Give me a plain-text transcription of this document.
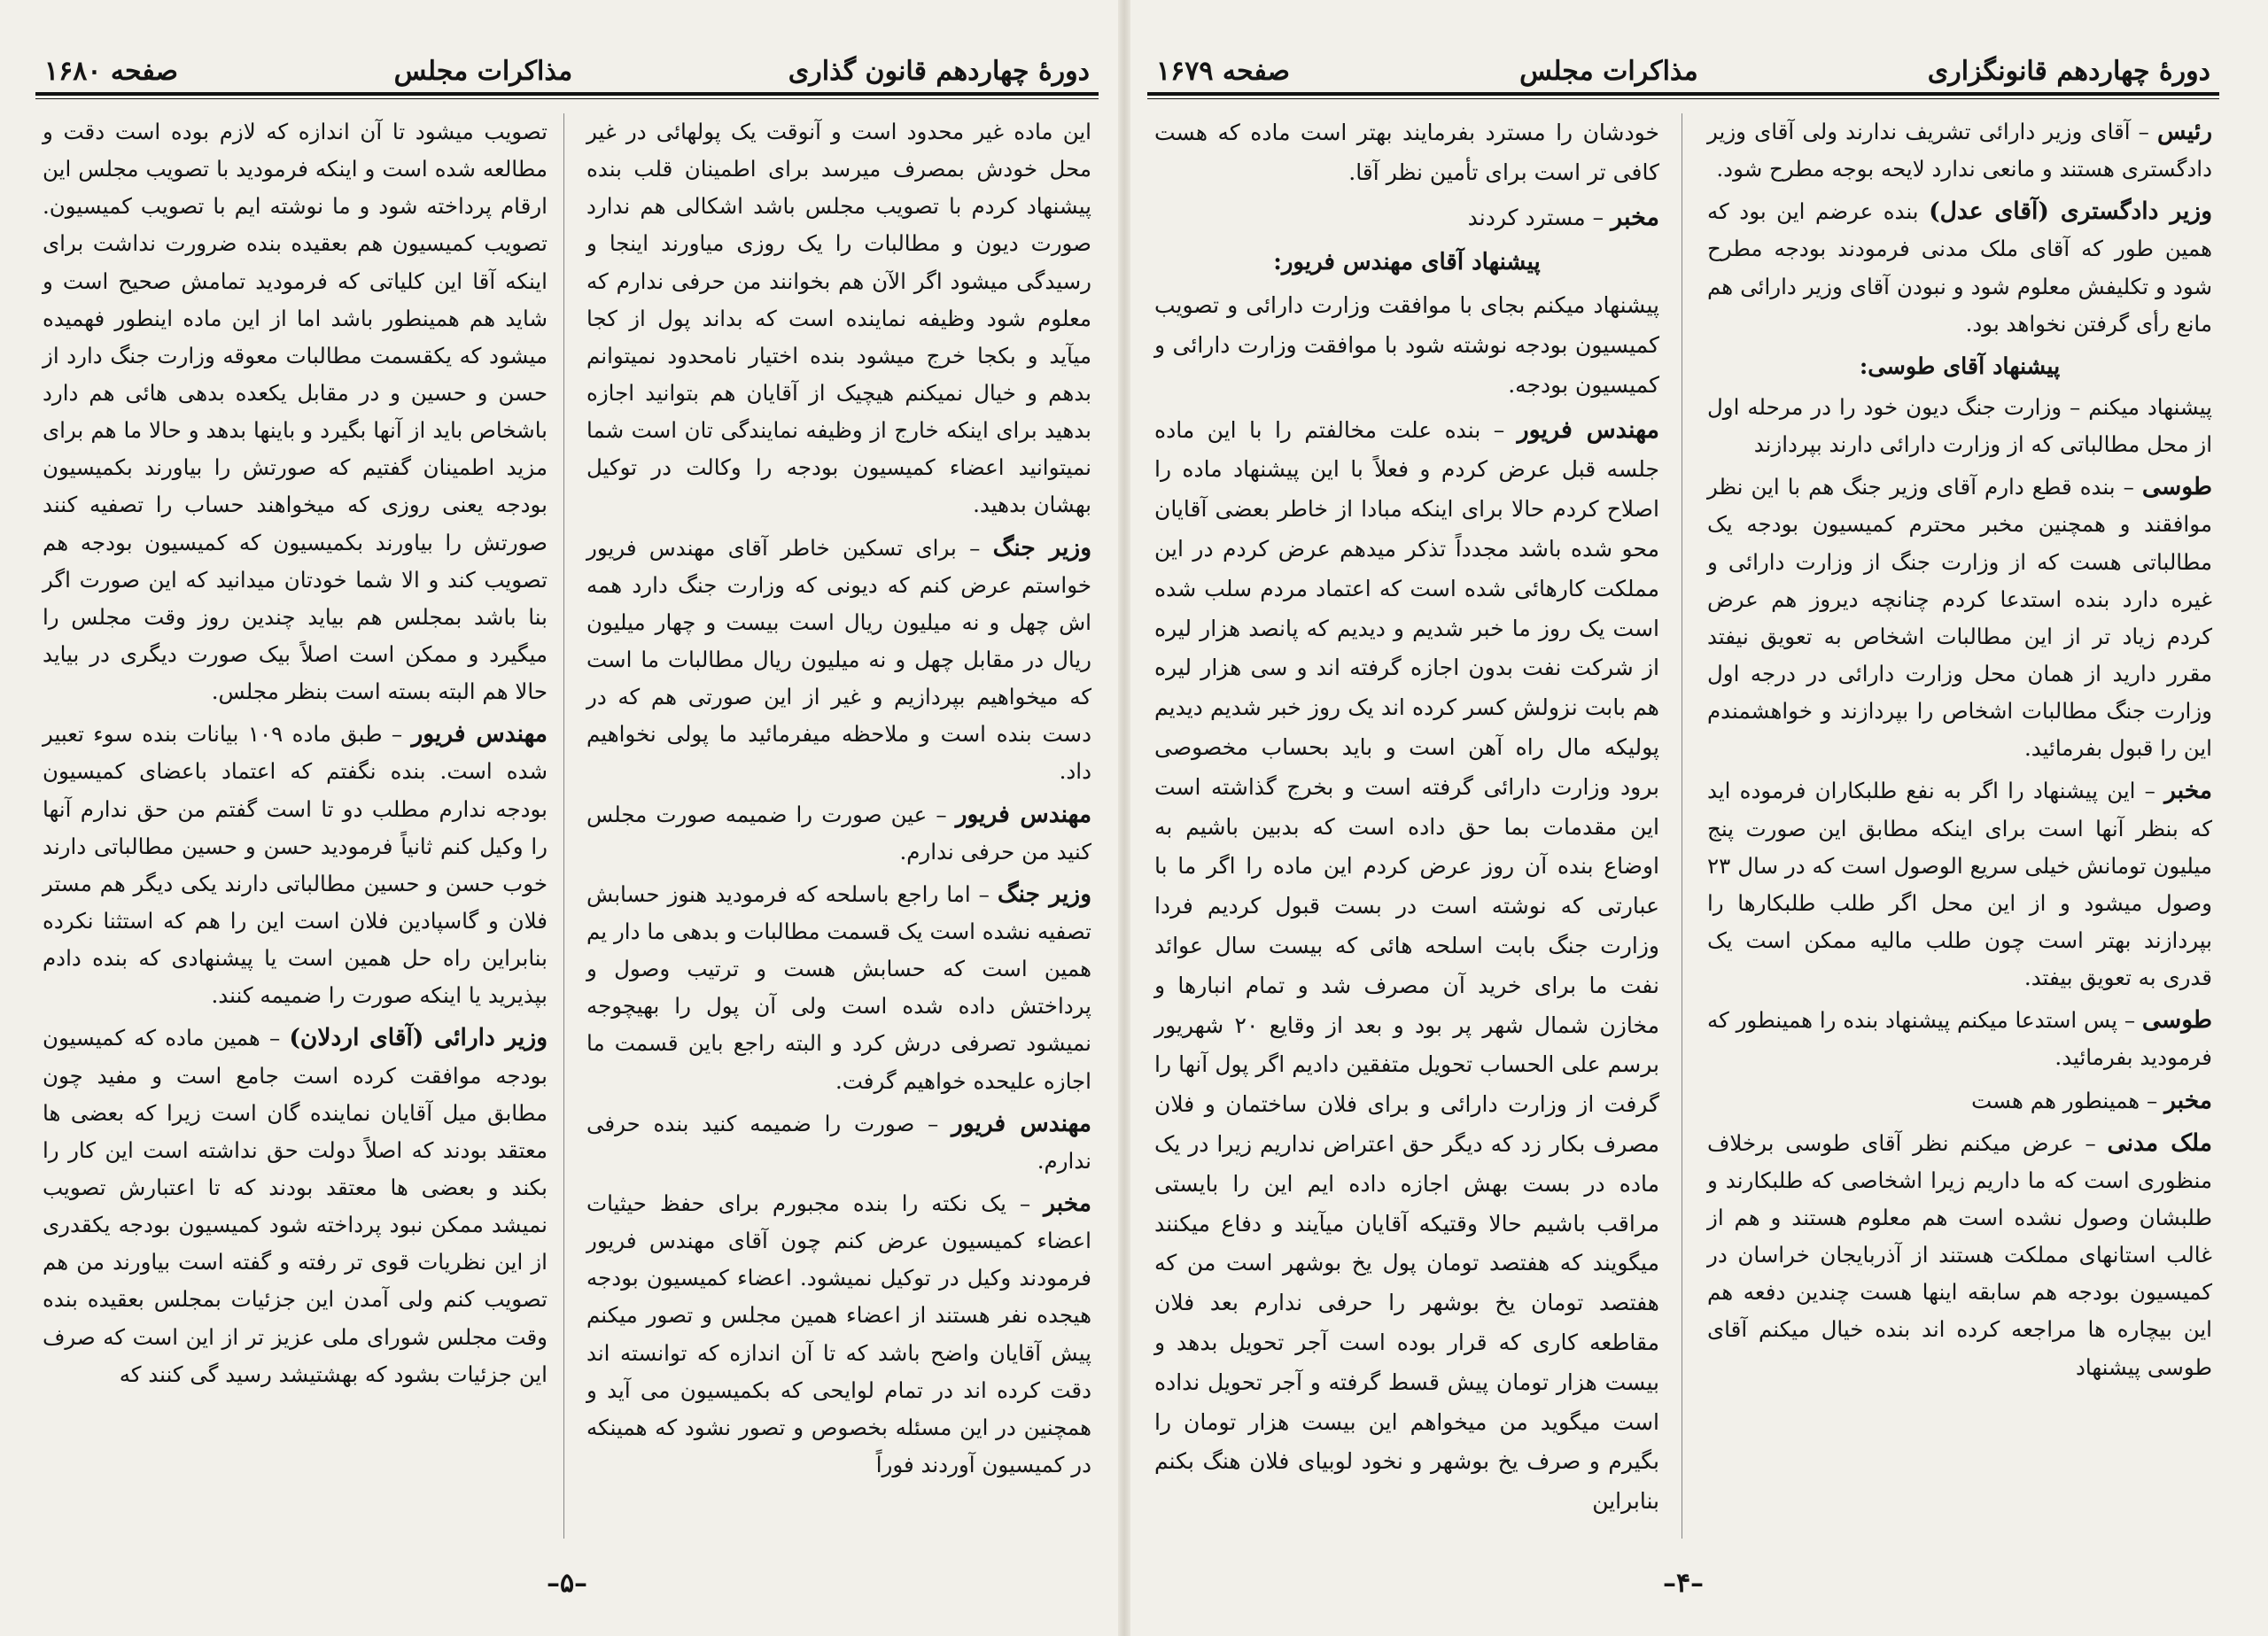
دورهٔ چهاردهم قانون گذاری
مذاکرات مجلس
صفحه ۱۶۸۰

این ماده غیر محدود است و آنوقت یک پولهائی در غیر محل خودش بمصرف میرسد برای اطمینان قلب بنده پیشنهاد کردم با تصویب مجلس باشد اشکالی هم ندارد صورت دیون و مطالبات را یک روزی میاورند اینجا و رسیدگی میشود اگر الآن هم بخوانند من حرفی ندارم که معلوم شود وظیفه نماینده است که بداند پول از کجا میآید و بکجا خرج میشود بنده اختیار نامحدود نمیتوانم بدهم و خیال نمیکنم هیچیک از آقایان هم بتوانید اجازه بدهید برای اینکه خارج از وظیفه نمایندگی تان است شما نمیتوانید اعضاء کمیسیون بودجه را وکالت در توکیل بهشان بدهید.

وزیر جنگ – برای تسکین خاطر آقای مهندس فریور خواستم عرض کنم که دیونی که وزارت جنگ دارد همه اش چهل و نه میلیون ریال است بیست و چهار میلیون ریال در مقابل چهل و نه میلیون ریال مطالبات ما است که میخواهیم بپردازیم و غیر از این صورتی هم که در دست بنده است و ملاحظه میفرمائید ما پولی نخواهیم داد.

مهندس فریور – عین صورت را ضمیمه صورت مجلس کنید من حرفی ندارم.

وزیر جنگ – اما راجع باسلحه که فرمودید هنوز حسابش تصفیه نشده است یک قسمت مطالبات و بدهی ما دار یم همین است که حسابش هست و ترتیب وصول و پرداختش داده شده است ولی آن پول را بهیچوجه نمیشود تصرفی درش کرد و البته راجع باین قسمت ما اجازه علیحده خواهیم گرفت.

مهندس فریور – صورت را ضمیمه کنید بنده حرفی ندارم.

مخبر – یک نکته را بنده مجبورم برای حفظ حیثیات اعضاء کمیسیون عرض کنم چون آقای مهندس فریور فرمودند وکیل در توکیل نمیشود. اعضاء کمیسیون بودجه هیجده نفر هستند از اعضاء همین مجلس و تصور میکنم پیش آقایان واضح باشد که تا آن اندازه که توانسته اند دقت کرده اند در تمام لوایحی که بکمیسیون می آید و همچنین در این مسئله بخصوص و تصور نشود که همینکه در کمیسیون آوردند فوراً

تصویب میشود تا آن اندازه که لازم بوده است دقت و مطالعه شده است و اینکه فرمودید با تصویب مجلس این ارقام پرداخته شود و ما نوشته ایم با تصویب کمیسیون. تصویب کمیسیون هم بعقیده بنده ضرورت نداشت برای اینکه آقا این کلیاتی که فرمودید تمامش صحیح است و شاید هم همینطور باشد اما از این ماده اینطور فهمیده میشود که یکقسمت مطالبات معوقه وزارت جنگ دارد از حسن و حسین و در مقابل یکعده بدهی هائی هم دارد باشخاص باید از آنها بگیرد و باینها بدهد و حالا ما هم برای مزید اطمینان گفتیم که صورتش را بیاورند بکمیسیون بودجه یعنی روزی که میخواهند حساب را تصفیه کنند صورتش را بیاورند بکمیسیون که کمیسیون بودجه هم تصویب کند و الا شما خودتان میدانید که این صورت اگر بنا باشد بمجلس هم بیاید چندین روز وقت مجلس را میگیرد و ممکن است اصلاً بیک صورت دیگری در بیاید حالا هم البته بسته است بنظر مجلس.

مهندس فریور – طبق ماده ۱۰۹ بیانات بنده سوء تعبیر شده است. بنده نگفتم که اعتماد باعضای کمیسیون بودجه ندارم مطلب دو تا است گفتم من حق ندارم آنها را وکیل کنم ثانیاً فرمودید حسن و حسین مطالباتی دارند خوب حسن و حسین مطالباتی دارند یکی دیگر هم مستر فلان و گاسپادین فلان است این را هم که استثنا نکرده بنابراین راه حل همین است یا پیشنهادی که بنده دادم بپذیرید یا اینکه صورت را ضمیمه کنند.

وزیر دارائی (آقای اردلان) – همین ماده که کمیسیون بودجه موافقت کرده است جامع است و مفید چون مطابق میل آقایان نماینده گان است زیرا که بعضی ها معتقد بودند که اصلاً دولت حق نداشته است این کار را بکند و بعضی ها معتقد بودند که تا اعتبارش تصویب نمیشد ممکن نبود پرداخته شود کمیسیون بودجه یکقدری از این نظریات قوی تر رفته و گفته است بیاورند من هم تصویب کنم ولی آمدن این جزئیات بمجلس بعقیده بنده وقت مجلس شورای ملی عزیز تر از این است که صرف این جزئیات بشود که بهشتیشد رسید گی کنند که

–۵–
دورهٔ چهاردهم قانونگزاری
مذاکرات مجلس
صفحه ۱۶۷۹

رئیس – آقای وزیر دارائی تشریف ندارند ولی آقای وزیر دادگستری هستند و مانعی ندارد لایحه بوجه مطرح شود.

وزیر دادگستری (آقای عدل) بنده عرضم این بود که همین طور که آقای ملک مدنی فرمودند بودجه مطرح شود و تکلیفش معلوم شود و نبودن آقای وزیر دارائی هم مانع رأی گرفتن نخواهد بود.

پیشنهاد آقای طوسی:

پیشنهاد میکنم – وزارت جنگ دیون خود را در مرحله اول از محل مطالباتی که از وزارت دارائی دارند بپردازند

طوسی – بنده قطع دارم آقای وزیر جنگ هم با این نظر موافقند و همچنین مخبر محترم کمیسیون بودجه یک مطالباتی هست که از وزارت جنگ از وزارت دارائی و غیره دارد بنده استدعا کردم چنانچه دیروز هم عرض کردم زیاد تر از این مطالبات اشخاص به تعویق نیفتد مقرر دارید از همان محل وزارت دارائی در درجه اول وزارت جنگ مطالبات اشخاص را بپردازند و خواهشمندم این را قبول بفرمائید.

مخبر – این پیشنهاد را اگر به نفع طلبکاران فرموده اید که بنظر آنها است برای اینکه مطابق این صورت پنج میلیون تومانش خیلی سریع الوصول است که در سال ۲۳ وصول میشود و از این محل اگر طلب طلبکارها را بپردازند بهتر است چون طلب مالیه ممکن است یک قدری به تعویق بیفتد.

طوسی – پس استدعا میکنم پیشنهاد بنده را همینطور که فرمودید بفرمائید.

مخبر – همینطور هم هست

ملک مدنی – عرض میکنم نظر آقای طوسی برخلاف منظوری است که ما داریم زیرا اشخاصی که طلبکارند و طلبشان وصول نشده است هم معلوم هستند و هم از غالب استانهای مملکت هستند از آذربایجان خراسان در کمیسیون بودجه هم سابقه اینها هست چندین دفعه هم این بیچاره ها مراجعه کرده اند بنده خیال میکنم آقای طوسی پیشنهاد

خودشان را مسترد بفرمایند بهتر است ماده که هست کافی تر است برای تأمین نظر آقا.

مخبر – مسترد کردند

پیشنهاد آقای مهندس فریور:

پیشنهاد میکنم بجای با موافقت وزارت دارائی و تصویب کمیسیون بودجه نوشته شود با موافقت وزارت دارائی و کمیسیون بودجه.

مهندس فریور – بنده علت مخالفتم را با این ماده جلسه قبل عرض کردم و فعلاً با این پیشنهاد ماده را اصلاح کردم حالا برای اینکه مبادا از خاطر بعضی آقایان محو شده باشد مجدداً تذکر میدهم عرض کردم در این مملکت کارهائی شده است که اعتماد مردم سلب شده است یک روز ما خبر شدیم و دیدیم که پانصد هزار لیره از شرکت نفت بدون اجازه گرفته اند و سی هزار لیره هم بابت نزولش کسر کرده اند یک روز خبر شدیم دیدیم پولیکه مال راه آهن است و باید بحساب مخصوصی برود وزارت دارائی گرفته است و بخرج گذاشته است این مقدمات بما حق داده است که بدبین باشیم به اوضاع بنده آن روز عرض کردم این ماده را اگر ما با عبارتی که نوشته است در بست قبول کردیم فردا وزارت جنگ بابت اسلحه هائی که بیست سال عوائد نفت ما برای خرید آن مصرف شد و تمام انبارها و مخازن شمال شهر پر بود و بعد از وقایع ۲۰ شهریور برسم علی الحساب تحویل متفقین دادیم اگر پول آنها را گرفت از وزارت دارائی و برای فلان ساختمان و فلان مصرف بکار زد که دیگر حق اعتراض نداریم زیرا در یک ماده در بست بهش اجازه داده ایم این را بایستی مراقب باشیم حالا وقتیکه آقایان میآیند و دفاع میکنند میگویند که هفتصد تومان پول یخ بوشهر است من که هفتصد تومان یخ بوشهر را حرفی ندارم بعد فلان مقاطعه کاری که قرار بوده است آجر تحویل بدهد و بیست هزار تومان پیش قسط گرفته و آجر تحویل نداده است میگوید من میخواهم این بیست هزار تومان را بگیرم و صرف یخ بوشهر و نخود لوبیای فلان هنگ بکنم بنابراین

–۴–
